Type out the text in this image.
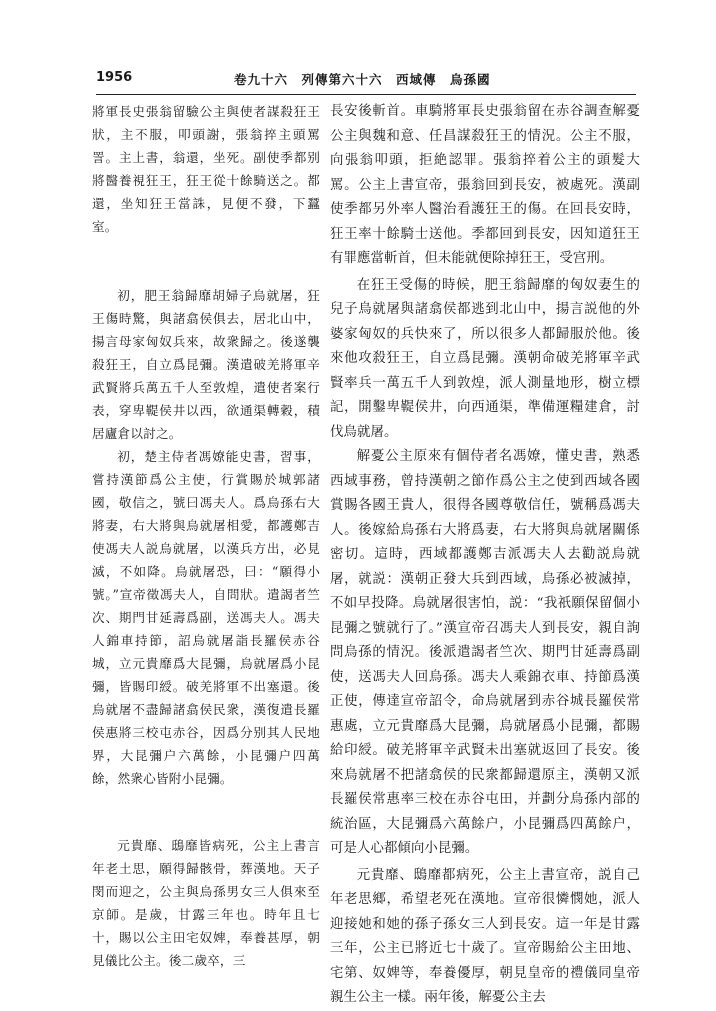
1956	卷九十六　列傳第六十六　西域傳　烏孫國

將軍長史張翁留驗公主與使者謀殺狂王狀，主不服，叩頭謝，張翁捽主頭罵詈。主上書，翁還，坐死。副使季都别將醫養視狂王，狂王從十餘騎送之。都還，坐知狂王當誅，見便不發，下蠶室。

初，肥王翁歸靡胡婦子烏就屠，狂王傷時驚，與諸翕侯俱去，居北山中，揚言母家匈奴兵來，故衆歸之。後遂襲殺狂王，自立爲昆彌。漢遣破羌將軍辛武賢將兵萬五千人至敦煌，遣使者案行表，穿卑鞮侯井以西，欲通渠轉穀，積居廬倉以討之。

初，楚主侍者馮嫽能史書，習事，嘗持漢節爲公主使，行賞賜於城郭諸國，敬信之，號曰馮夫人。爲烏孫右大將妻，右大將與烏就屠相愛，都護鄭吉使馮夫人説烏就屠，以漢兵方出，必見滅，不如降。烏就屠恐，曰：“願得小號。”宣帝徵馮夫人，自問狀。遣謁者竺次、期門甘延壽爲副，送馮夫人。馮夫人錦車持節，詔烏就屠詣長羅侯赤谷城，立元貴靡爲大昆彌，烏就屠爲小昆彌，皆賜印綬。破羌將軍不出塞還。後烏就屠不盡歸諸翕侯民衆，漢復遣長羅侯惠將三校屯赤谷，因爲分别其人民地界，大昆彌户六萬餘，小昆彌户四萬餘，然衆心皆附小昆彌。

元貴靡、鴟靡皆病死，公主上書言年老土思，願得歸骸骨，葬漢地。天子閔而迎之，公主與烏孫男女三人俱來至京師。是歲，甘露三年也。時年且七十，賜以公主田宅奴婢，奉養甚厚，朝見儀比公主。後二歲卒，三

長安後斬首。車騎將軍長史張翁留在赤谷調查解憂公主與魏和意、任昌謀殺狂王的情況。公主不服，向張翁叩頭，拒絶認罪。張翁捽着公主的頭髮大罵。公主上書宣帝，張翁回到長安，被處死。漢副使季都另外率人醫治看護狂王的傷。在回長安時，狂王率十餘騎士送他。季都回到長安，因知道狂王有罪應當斬首，但未能就便除掉狂王，受宫刑。

在狂王受傷的時候，肥王翁歸靡的匈奴妻生的兒子烏就屠與諸翕侯都逃到北山中，揚言説他的外婆家匈奴的兵快來了，所以很多人都歸服於他。後來他攻殺狂王，自立爲昆彌。漢朝命破羌將軍辛武賢率兵一萬五千人到敦煌，派人測量地形，樹立標記，開鑿卑鞮侯井，向西通渠，準備運糧建倉，討伐烏就屠。

解憂公主原來有個侍者名馮嫽，懂史書，熟悉西域事務，曾持漢朝之節作爲公主之使到西域各國賞賜各國王貴人，很得各國尊敬信任，號稱爲馮夫人。後嫁給烏孫右大將爲妻，右大將與烏就屠關係密切。這時，西域都護鄭吉派馮夫人去勸説烏就屠，就説：漢朝正發大兵到西域，烏孫必被滅掉，不如早投降。烏就屠很害怕，説：“我祇願保留個小昆彌之號就行了。”漢宣帝召馮夫人到長安，親自詢問烏孫的情況。後派遣謁者竺次、期門甘延壽爲副使，送馮夫人回烏孫。馮夫人乘錦衣車、持節爲漢正使，傳達宣帝詔令，命烏就屠到赤谷城長羅侯常惠處，立元貴靡爲大昆彌，烏就屠爲小昆彌，都賜給印綬。破羌將軍辛武賢未出塞就返回了長安。後來烏就屠不把諸翕侯的民衆都歸還原主，漢朝又派長羅侯常惠率三校在赤谷屯田，并劃分烏孫内部的統治區，大昆彌爲六萬餘户，小昆彌爲四萬餘户，可是人心都傾向小昆彌。

元貴靡、鴟靡都病死，公主上書宣帝，説自己年老思鄉，希望老死在漢地。宣帝很憐憫她，派人迎接她和她的孫子孫女三人到長安。這一年是甘露三年，公主已將近七十歲了。宣帝賜給公主田地、宅第、奴婢等，奉養優厚，朝見皇帝的禮儀同皇帝親生公主一樣。兩年後，解憂公主去
